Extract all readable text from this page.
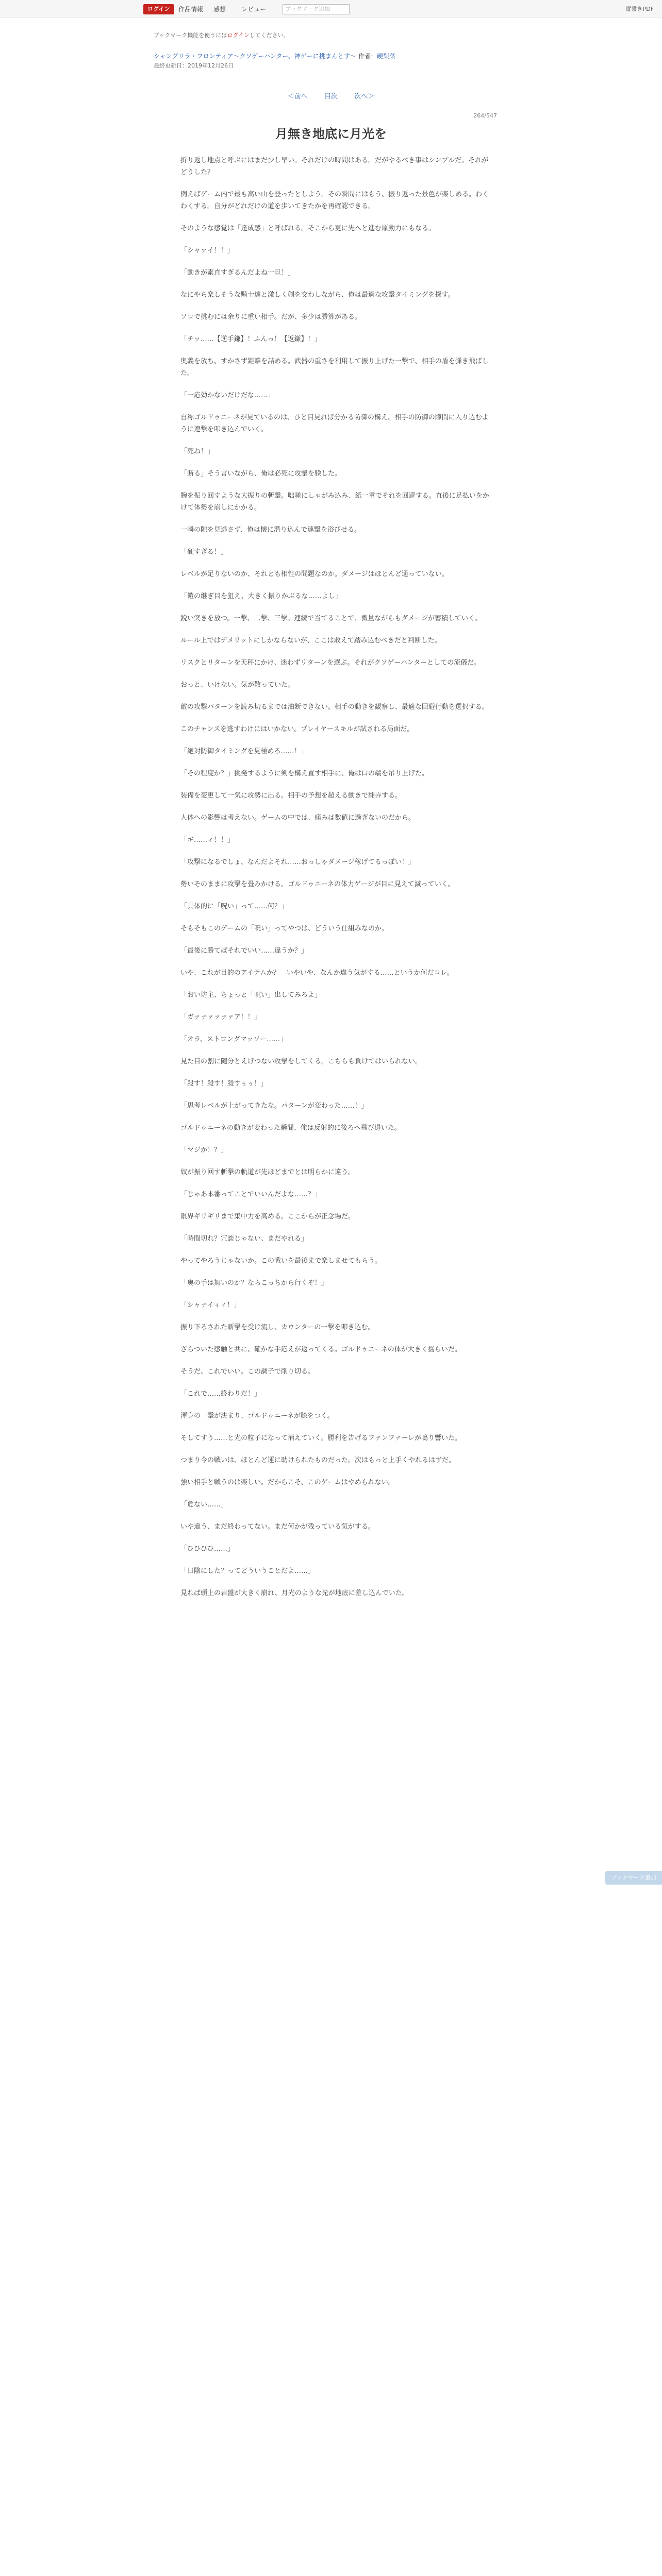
ログイン	作品情報 感想 レビュー	ブックマーク追加	縦書きPDF
ブックマーク機能を使うにはログインしてください。
シャングリラ・フロンティア〜クソゲーハンター、神ゲーに挑まんとす〜 作者：硬梨菜
最終更新日：2019年12月26日
＜前へ 目次 次へ＞
264/547
月無き地底に月光を

折り返し地点と呼ぶにはまだ少し早い。それだけの時間はある。だがやるべき事はシンプルだ。それがどうした？

例えばゲーム内で最も高い山を登ったとしよう。その瞬間にはもう、振り返った景色が楽しめる。わくわくする。自分がどれだけの道を歩いてきたかを再確認できる。

そのような感覚は「達成感」と呼ばれる。そこから更に先へと進む原動力にもなる。

「シャァイ！！」

「動きが素直すぎるんだよね一旦！」

なにやら楽しそうな騎士達と激しく剣を交わしながら、俺は最適な攻撃タイミングを探す。

ソロで挑むには余りに重い相手。だが、多少は勝算がある。

「チッ……【逆手鎌】！ふんっ！【返鎌】！」

奥義を放ち、すかさず距離を詰める。武器の重さを利用して振り上げた一撃で、相手の盾を弾き飛ばした。

「一応効かないだけだな……」

自称ゴルドゥニーネが見ているのは、ひと目見れば分かる防御の構え。相手の防御の隙間に入り込むように連撃を叩き込んでいく。

「死ね！」

「断る」そう言いながら、俺は必死に攻撃を躱した。

腕を振り回すような大振りの斬撃。咄嗟にしゃがみ込み、紙一重でそれを回避する。直後に足払いをかけて体勢を崩しにかかる。

一瞬の隙を見逃さず、俺は懐に潜り込んで連撃を浴びせる。

「硬すぎる！」

レベルが足りないのか、それとも相性の問題なのか。ダメージはほとんど通っていない。

「鎧の継ぎ目を狙え、大きく振りかぶるな……よし」

鋭い突きを放つ。一撃、二撃、三撃。連続で当てることで、微量ながらもダメージが蓄積していく。

ルール上ではデメリットにしかならないが、ここは敢えて踏み込むべきだと判断した。

リスクとリターンを天秤にかけ、迷わずリターンを選ぶ。それがクソゲーハンターとしての流儀だ。

おっと、いけない。気が散っていた。

敵の攻撃パターンを読み切るまでは油断できない。相手の動きを観察し、最適な回避行動を選択する。

このチャンスを逃すわけにはいかない。プレイヤースキルが試される局面だ。

「絶対防御タイミングを見極めろ……！」

「その程度か？」挑発するように剣を構え直す相手に、俺は口の端を吊り上げた。

装備を変更して一気に攻勢に出る。相手の予想を超える動きで翻弄する。

人体への影響は考えない。ゲームの中では、痛みは数値に過ぎないのだから。

「ギ……ィ！！」

「攻撃になるでしょ、なんだよそれ……おっしゃダメージ稼げてるっぽい！」

勢いそのままに攻撃を畳みかける。ゴルドゥニーネの体力ゲージが目に見えて減っていく。

「具体的に「呪い」って……何？」

そもそもこのゲームの「呪い」ってやつは、どういう仕組みなのか。

「最後に勝てばそれでいい……違うか？」

いや、これが目的のアイテムか？　いやいや、なんか違う気がする……というか何だコレ。

「おい坊主、ちょっと「呪い」出してみろよ」

「ガァァァァァァア！！」

「オラ、ストロングマッソー……」

見た目の割に随分とえげつない攻撃をしてくる。こちらも負けてはいられない。

「殺す！殺す！殺すぅぅ！」

「思考レベルが上がってきたな。パターンが変わった……！」

ゴルドゥニーネの動きが変わった瞬間、俺は反射的に後ろへ飛び退いた。

「マジか！？」

奴が振り回す斬撃の軌道が先ほどまでとは明らかに違う。

「じゃあ本番ってことでいいんだよな……？」

限界ギリギリまで集中力を高める。ここからが正念場だ。

「時間切れ？冗談じゃない、まだやれる」

やってやろうじゃないか。この戦いを最後まで楽しませてもらう。

「奥の手は無いのか？ならこっちから行くぞ！」

「シャァイィィ！」

振り下ろされた斬撃を受け流し、カウンターの一撃を叩き込む。

ざらついた感触と共に、確かな手応えが返ってくる。ゴルドゥニーネの体が大きく揺らいだ。

そうだ、これでいい。この調子で削り切る。

「これで……終わりだ！」

渾身の一撃が決まり、ゴルドゥニーネが膝をつく。

そしてすう……と光の粒子になって消えていく。勝利を告げるファンファーレが鳴り響いた。

つまり今の戦いは、ほとんど運に助けられたものだった。次はもっと上手くやれるはずだ。

強い相手と戦うのは楽しい。だからこそ、このゲームはやめられない。

「危ない……」

いや違う、まだ終わってない。まだ何かが残っている気がする。

「ひひひひ……」

「日陰にした？ってどういうことだよ……」

見れば頭上の岩盤が大きく崩れ、月光のような光が地底に差し込んでいた。

ブックマーク追加
